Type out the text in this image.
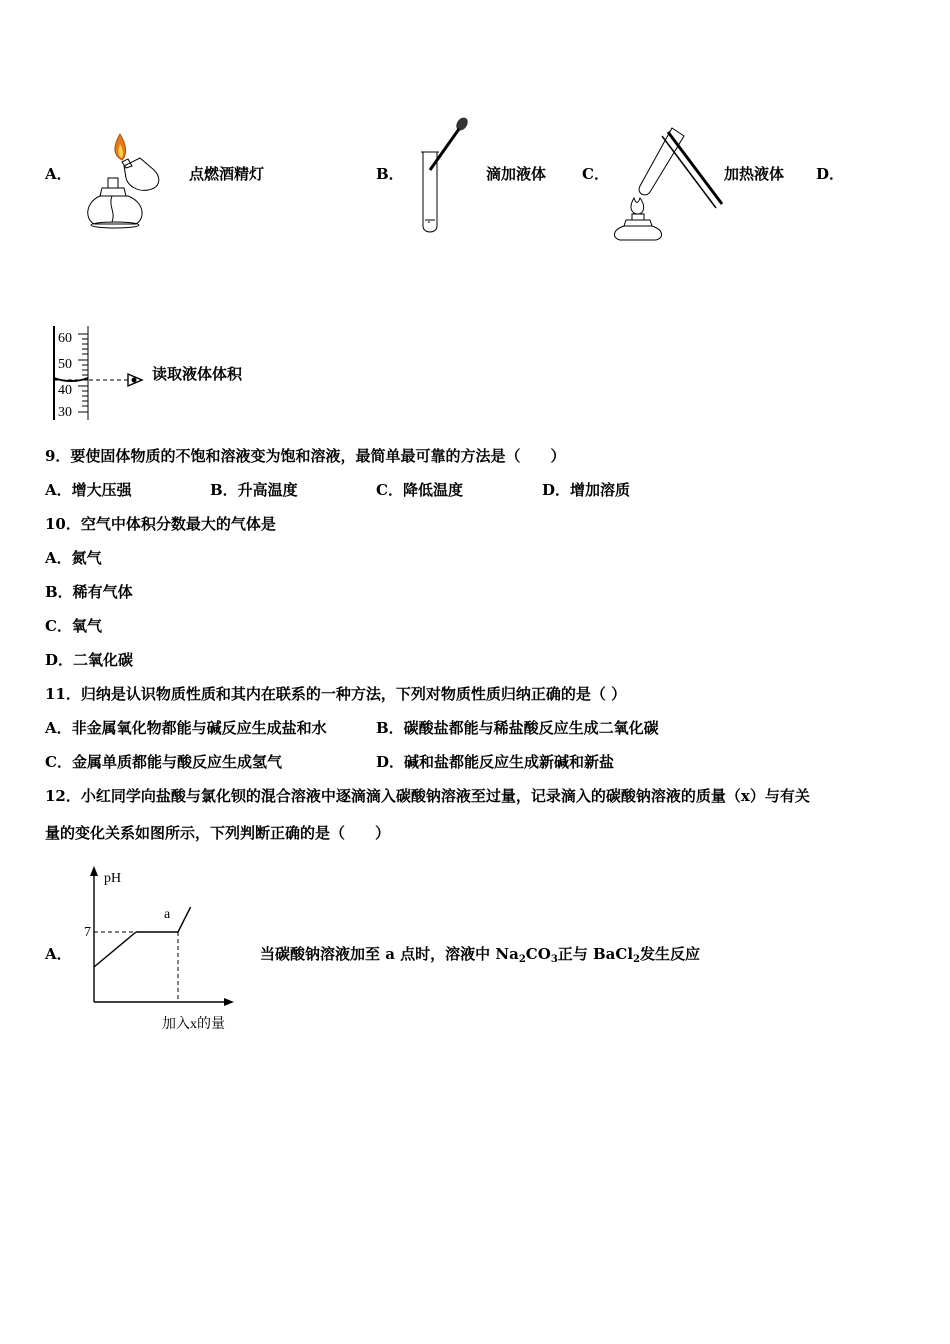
A．	点燃酒精灯	B．	滴加液体 C．	加热液体 D．
60
50
40
30
读取液体体积
9．要使固体物质的不饱和溶液变为饱和溶液，最简单最可靠的方法是（　　）
A．增大压强	B．升高温度	C．降低温度	D．增加溶质
10．空气中体积分数最大的气体是
A．氮气
B．稀有气体
C．氧气
D．二氧化碳
11．归纳是认识物质性质和其内在联系的一种方法，下列对物质性质归纳正确的是（ ）
A．非金属氧化物都能与碱反应生成盐和水	B．碳酸盐都能与稀盐酸反应生成二氧化碳
C．金属单质都能与酸反应生成氢气	D．碱和盐都能反应生成新碱和新盐
12．小红同学向盐酸与氯化钡的混合溶液中逐滴滴入碳酸钠溶液至过量，记录滴入的碳酸钠溶液的质量（x）与有关
量的变化关系如图所示，下列判断正确的是（　　）
A．
pH
7
a
加入x的量
当碳酸钠溶液加至 a 点时，溶液中 $Na_2CO_3$正与 BaCl$_2$发生反应
